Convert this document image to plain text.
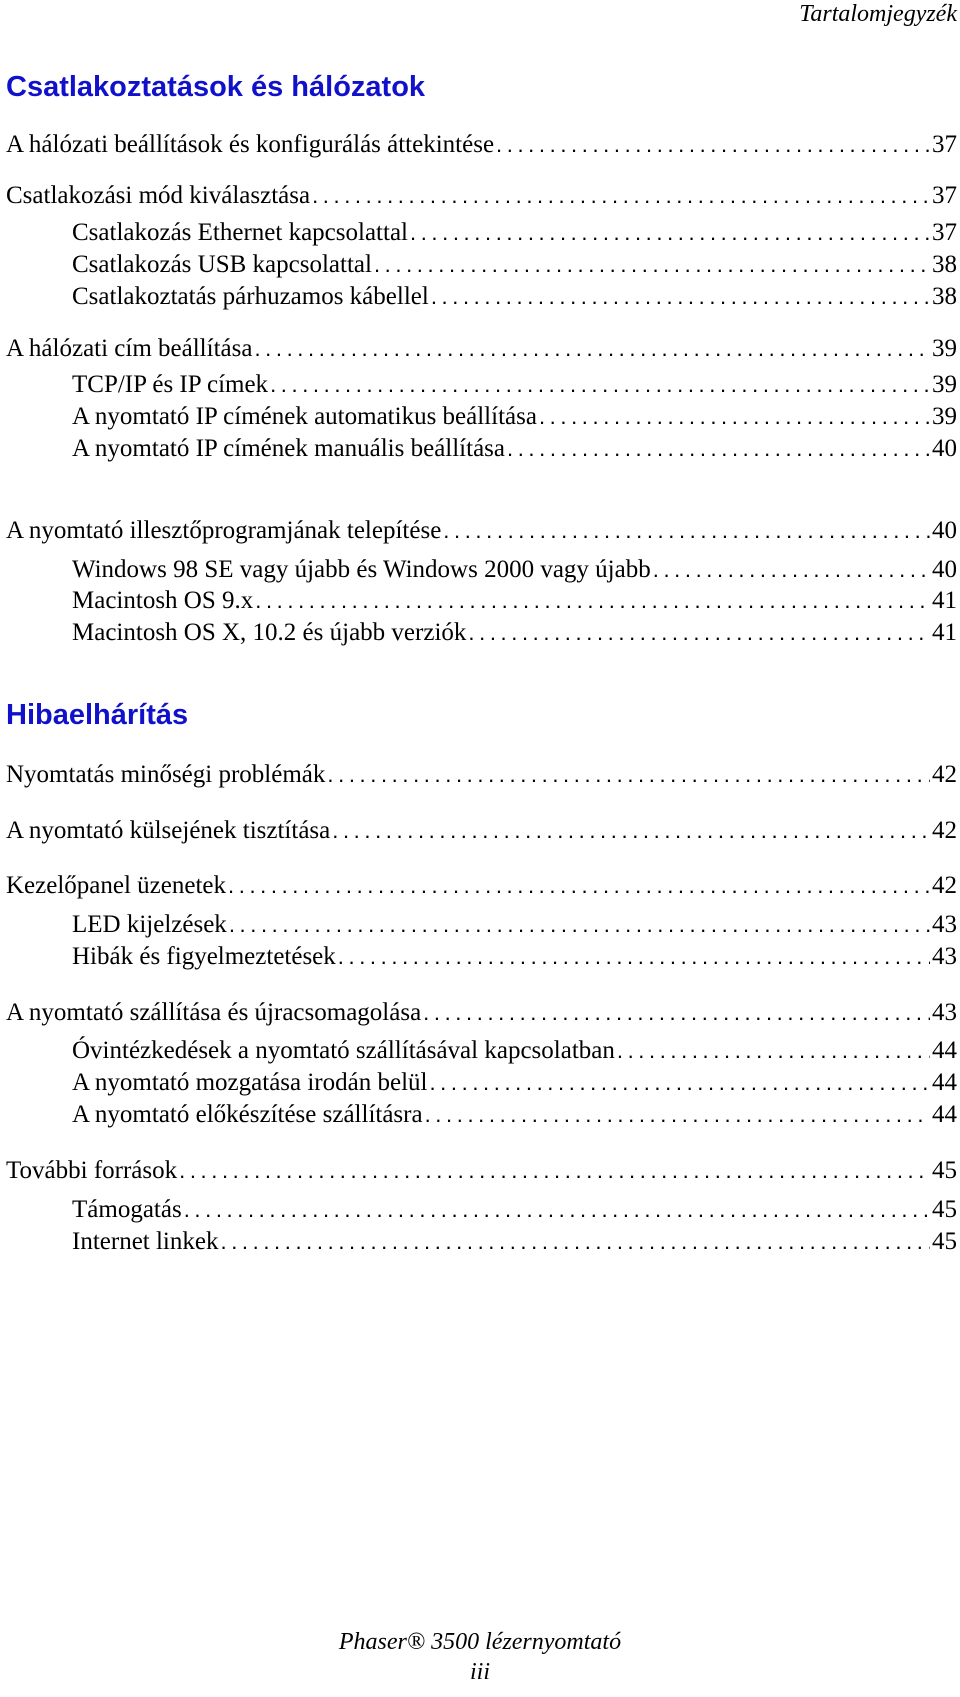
Tartalomjegyzék
Csatlakoztatások és hálózatok
A hálózati beállítások és konfigurálás áttekintése .....	37
Csatlakozási mód kiválasztása .....	37
Csatlakozás Ethernet kapcsolattal .....	37
Csatlakozás USB kapcsolattal .....	38
Csatlakoztatás párhuzamos kábellel .....	38
A hálózati cím beállítása .....	39
TCP/IP és IP címek .....	39
A nyomtató IP címének automatikus beállítása .....	39
A nyomtató IP címének manuális beállítása .....	40
A nyomtató illesztőprogramjának telepítése .....	40
Windows 98 SE vagy újabb és Windows 2000 vagy újabb .....	40
Macintosh OS 9.x .....	41
Macintosh OS X, 10.2 és újabb verziók .....	41
Hibaelhárítás
Nyomtatás minőségi problémák .....	42
A nyomtató külsejének tisztítása .....	42
Kezelőpanel üzenetek .....	42
LED kijelzések .....	43
Hibák és figyelmeztetések .....	43
A nyomtató szállítása és újracsomagolása .....	43
Óvintézkedések a nyomtató szállításával kapcsolatban .....	44
A nyomtató mozgatása irodán belül .....	44
A nyomtató előkészítése szállításra .....	44
További források .....	45
Támogatás .....	45
Internet linkek .....	45
Phaser® 3500 lézernyomtató
iii
